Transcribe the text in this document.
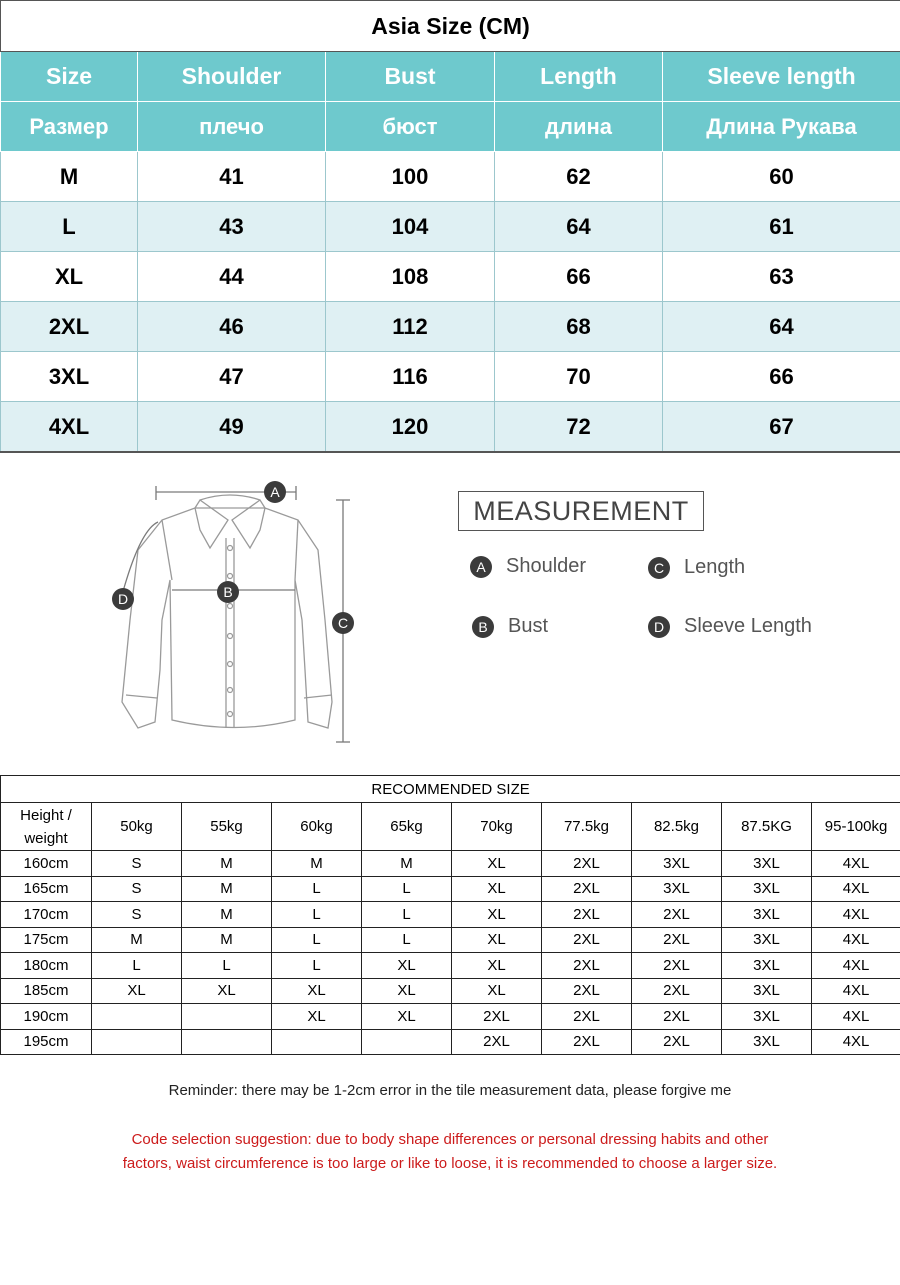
Asia Size (CM)				
Size	Shoulder	Bust	Length	Sleeve length
Размер	плечо	бюст	длина	Длина Рукава
M	41	100	62	60
L	43	104	64	61
XL	44	108	66	63
2XL	46	112	68	64
3XL	47	116	70	66
4XL	49	120	72	67
A
B
C
D
MEASUREMENT
A	Shoulder	C Length
B	Bust	D Sleeve Length
RECOMMENDED SIZE									
Height /
weight	50kg	55kg	60kg	65kg	70kg	77.5kg	82.5kg	87.5KG	95-100kg
160cm	S	M	M	M	XL	2XL	3XL	3XL	4XL
165cm	S	M	L	L	XL	2XL	3XL	3XL	4XL
170cm	S	M	L	L	XL	2XL	2XL	3XL	4XL
175cm	M	M	L	L	XL	2XL	2XL	3XL	4XL
180cm	L	L	L	XL	XL	2XL	2XL	3XL	4XL
185cm	XL	XL	XL	XL	XL	2XL	2XL	3XL	4XL
190cm			XL	XL	2XL	2XL	2XL	3XL	4XL
195cm					2XL	2XL	2XL	3XL	4XL
Reminder: there may be 1-2cm error in the tile measurement data, please forgive me
Code selection suggestion: due to body shape differences or personal dressing habits and other
factors, waist circumference is too large or like to loose, it is recommended to choose a larger size.
